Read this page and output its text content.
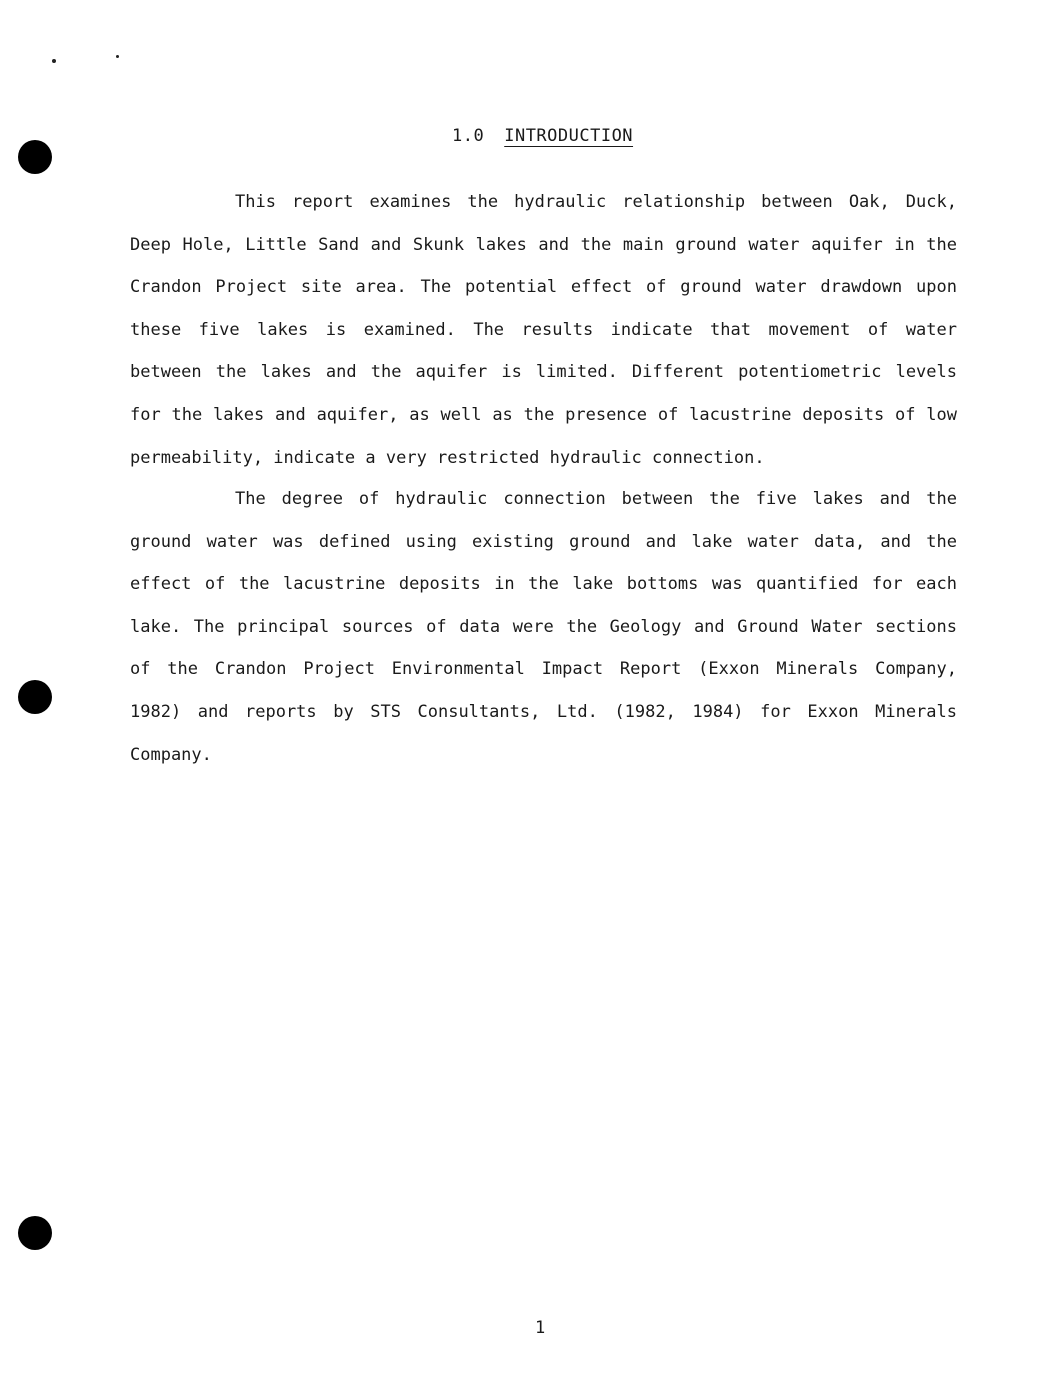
1.0 INTRODUCTION

This report examines the hydraulic relationship between Oak, Duck, Deep Hole, Little Sand and Skunk lakes and the main ground water aquifer in the Crandon Project site area. The potential effect of ground water drawdown upon these five lakes is examined. The results indicate that movement of water between the lakes and the aquifer is limited. Different potentiometric levels for the lakes and aquifer, as well as the presence of lacustrine deposits of low permeability, indicate a very restricted hydraulic connection.

The degree of hydraulic connection between the five lakes and the ground water was defined using existing ground and lake water data, and the effect of the lacustrine deposits in the lake bottoms was quantified for each lake. The principal sources of data were the Geology and Ground Water sections of the Crandon Project Environmental Impact Report (Exxon Minerals Company, 1982) and reports by STS Consultants, Ltd. (1982, 1984) for Exxon Minerals Company.

1
